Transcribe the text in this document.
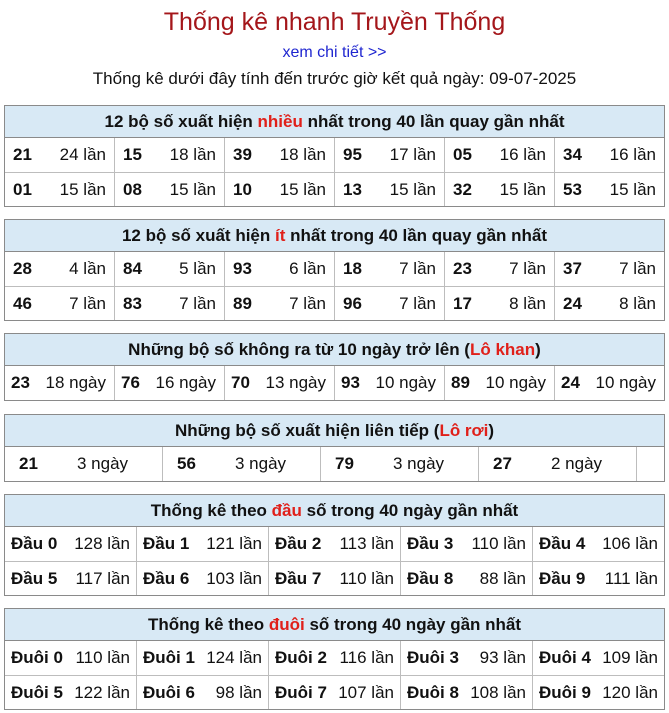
Thống kê nhanh Truyền Thống
xem chi tiết >>
Thống kê dưới đây tính đến trước giờ kết quả ngày: 09-07-2025
12 bộ số xuất hiện nhiều nhất trong 40 lần quay gần nhất
21 24 lần 15 18 lần 39 18 lần 95 17 lần 05 16 lần 34 16 lần
01 15 lần 08 15 lần 10 15 lần 13 15 lần 32 15 lần 53 15 lần
12 bộ số xuất hiện ít nhất trong 40 lần quay gần nhất
28 4 lần 84 5 lần 93 6 lần 18 7 lần 23 7 lần 37 7 lần
46 7 lần 83 7 lần 89 7 lần 96 7 lần 17 8 lần 24 8 lần
Những bộ số không ra từ 10 ngày trở lên (Lô khan)
23 18 ngày 76 16 ngày 70 13 ngày 93 10 ngày 89 10 ngày 24 10 ngày
Những bộ số xuất hiện liên tiếp (Lô rơi)
21	3 ngày	56	3 ngày	79	3 ngày	27	2 ngày
Thống kê theo đầu số trong 40 ngày gần nhất
Đầu 0 128 lần Đầu 1 121 lần Đầu 2 113 lần Đầu 3 110 lần Đầu 4 106 lần
Đầu 5 117 lần Đầu 6 103 lần Đầu 7 110 lần Đầu 8 88 lần Đầu 9 111 lần
Thống kê theo đuôi số trong 40 ngày gần nhất
Đuôi 0 110 lần Đuôi 1 124 lần Đuôi 2 116 lần Đuôi 3 93 lần Đuôi 4 109 lần
Đuôi 5 122 lần Đuôi 6 98 lần Đuôi 7 107 lần Đuôi 8 108 lần Đuôi 9 120 lần
